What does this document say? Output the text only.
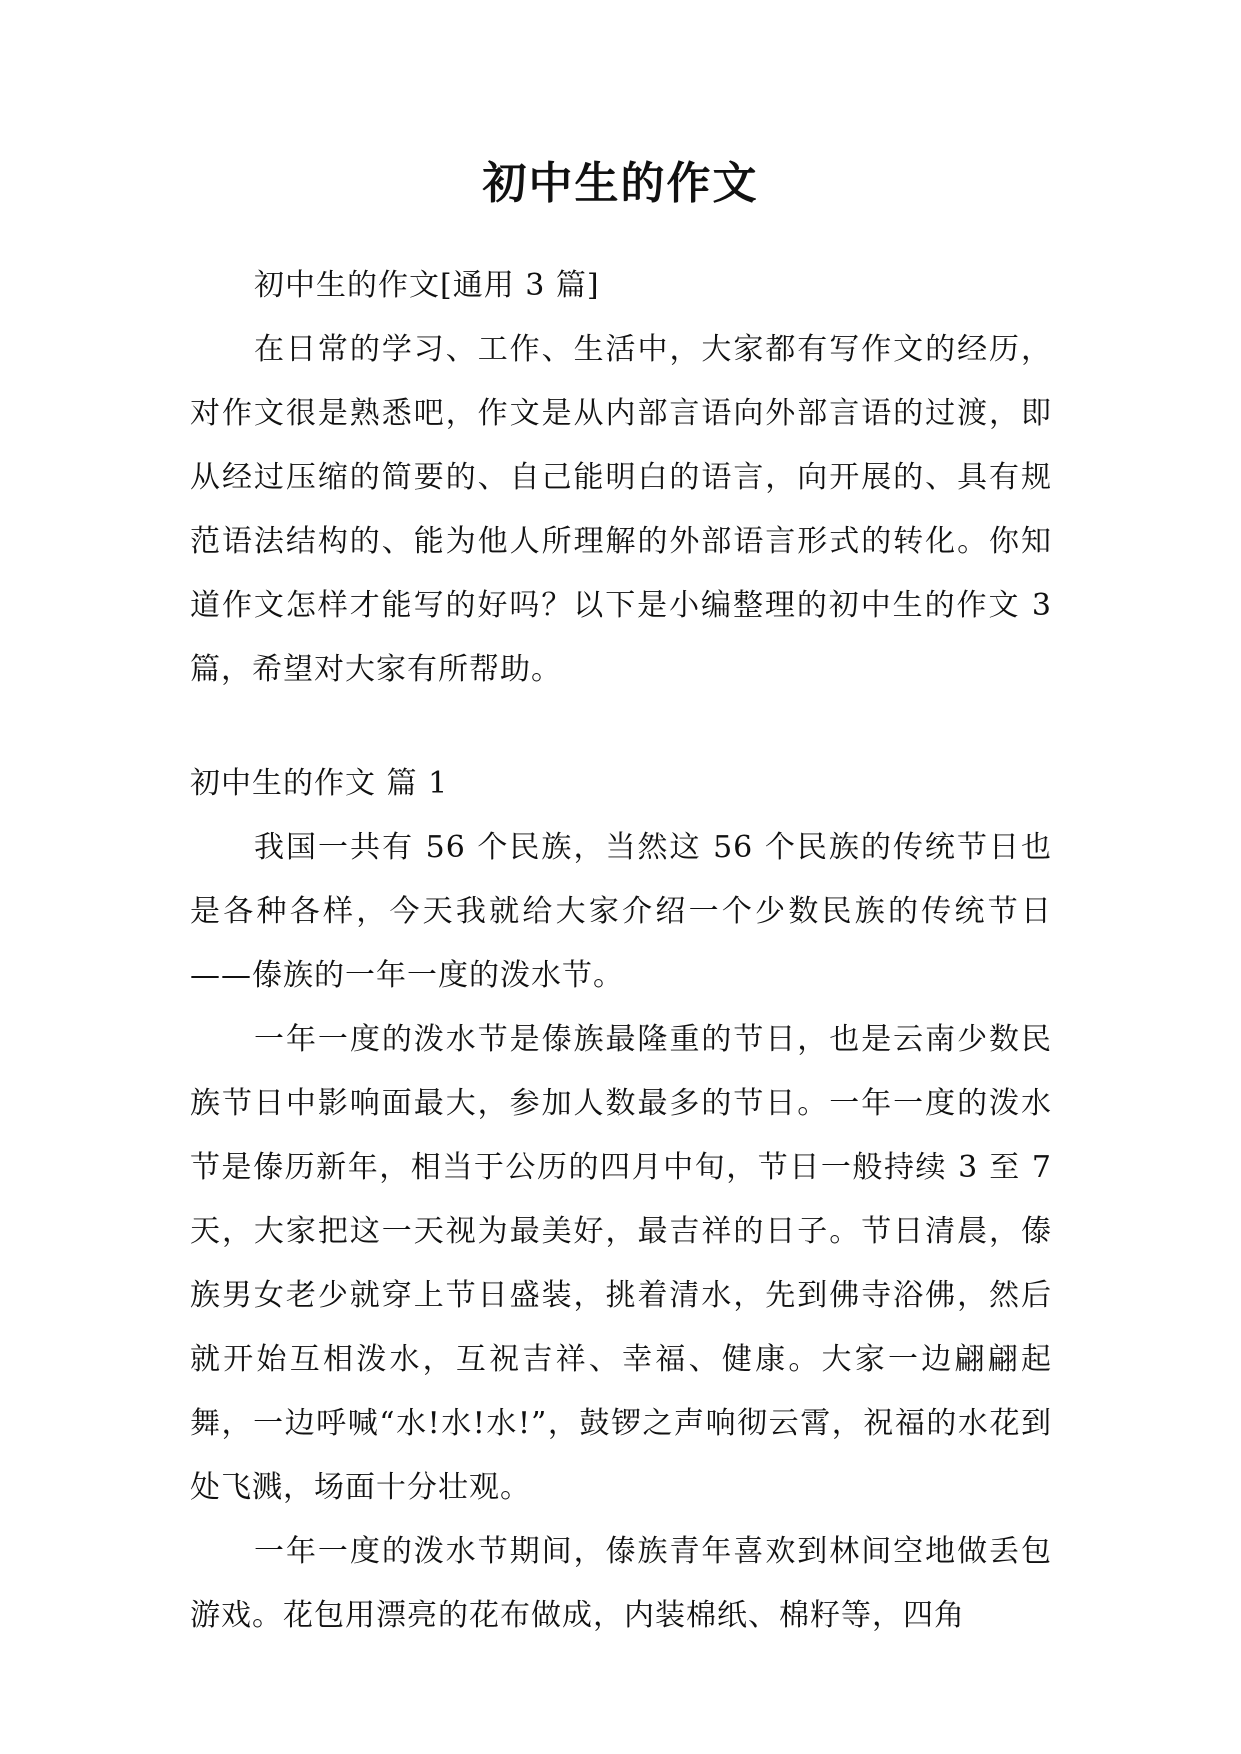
初中生的作文

初中生的作文[通用 3 篇]

在日常的学习、工作、生活中，大家都有写作文的经历，对作文很是熟悉吧，作文是从内部言语向外部言语的过渡，即从经过压缩的简要的、自己能明白的语言，向开展的、具有规范语法结构的、能为他人所理解的外部语言形式的转化。你知道作文怎样才能写的好吗？以下是小编整理的初中生的作文 3 篇，希望对大家有所帮助。

初中生的作文 篇 1

我国一共有 56 个民族，当然这 56 个民族的传统节日也是各种各样，今天我就给大家介绍一个少数民族的传统节日——傣族的一年一度的泼水节。

一年一度的泼水节是傣族最隆重的节日，也是云南少数民族节日中影响面最大，参加人数最多的节日。一年一度的泼水节是傣历新年，相当于公历的四月中旬，节日一般持续 3 至 7 天，大家把这一天视为最美好，最吉祥的日子。节日清晨，傣族男女老少就穿上节日盛装，挑着清水，先到佛寺浴佛，然后就开始互相泼水，互祝吉祥、幸福、健康。大家一边翩翩起舞，一边呼喊“水!水!水!”，鼓锣之声响彻云霄，祝福的水花到处飞溅，场面十分壮观。

一年一度的泼水节期间，傣族青年喜欢到林间空地做丢包游戏。花包用漂亮的花布做成，内装棉纸、棉籽等，四角
